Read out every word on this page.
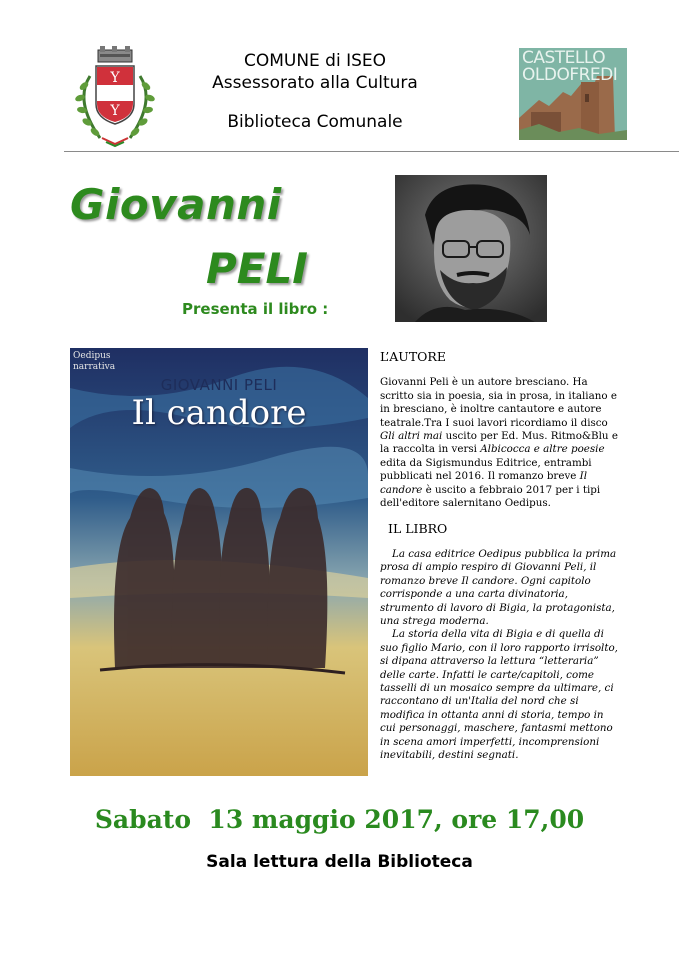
Y
Y
COMUNE di ISEO
Assessorato alla Cultura
Biblioteca Comunale
CASTELLO
OLDOFREDI
Giovanni
PELI
Presenta il libro :
Oedipus
narrativa
GIOVANNI PELI
Il candore
L’AUTORE

Giovanni Peli è un autore bresciano. Ha scritto sia in poesia, sia in prosa, in italiano e in bresciano, è inoltre cantautore e autore teatrale.Tra I suoi lavori ricordiamo il disco Gli altri mai uscito per Ed. Mus. Ritmo&Blu e la raccolta in versi Albicocca e altre poesie edita da Sigismundus Editrice, entrambi pubblicati nel 2016. Il romanzo breve Il candore è uscito a febbraio 2017 per i tipi dell'editore salernitano Oedipus.

IL LIBRO

La casa editrice Oedipus pubblica la prima prosa di ampio respiro di Giovanni Peli, il romanzo breve Il candore. Ogni capitolo corrisponde a una carta divinatoria, strumento di lavoro di Bigia, la protagonista, una strega moderna.

La storia della vita di Bigia e di quella di suo figlio Mario, con il loro rapporto irrisolto, si dipana attraverso la lettura “letteraria” delle carte. Infatti le carte/capitoli, come tasselli di un mosaico sempre da ultimare, ci raccontano di un'Italia del nord che si modifica in ottanta anni di storia, tempo in cui personaggi, maschere, fantasmi mettono in scena amori imperfetti, incomprensioni inevitabili, destini segnati.

Sabato  13 maggio 2017, ore 17,00
Sala lettura della Biblioteca
